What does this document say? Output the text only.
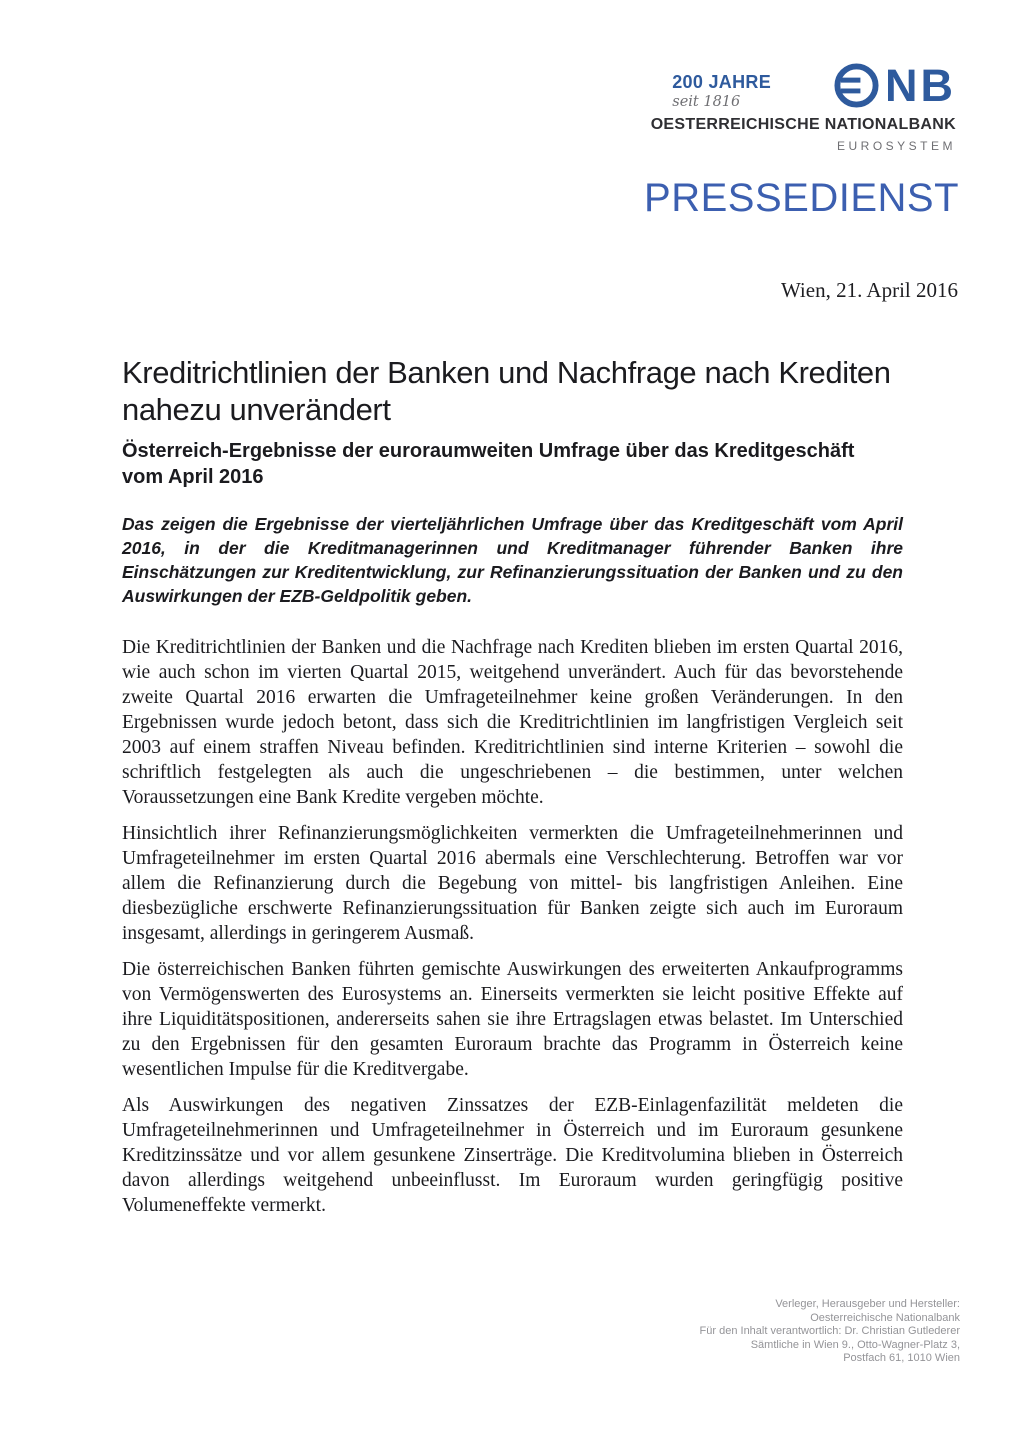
200 JAHRE
seit 1816	NB
OESTERREICHISCHE NATIONALBANK
EUROSYSTEM
PRESSEDIENST
Wien, 21. April 2016
Kreditrichtlinien der Banken und Nachfrage nach Krediten nahezu unverändert
Österreich-Ergebnisse der euroraumweiten Umfrage über das Kreditgeschäft vom April 2016

Das zeigen die Ergebnisse der vierteljährlichen Umfrage über das Kreditgeschäft vom April 2016, in der die Kreditmanagerinnen und Kreditmanager führender Banken ihre Einschätzungen zur Kreditentwicklung, zur Refinanzierungssituation der Banken und zu den Auswirkungen der EZB-Geldpolitik geben.

Die Kreditrichtlinien der Banken und die Nachfrage nach Krediten blieben im ersten Quartal 2016, wie auch schon im vierten Quartal 2015, weitgehend unverändert. Auch für das bevorstehende zweite Quartal 2016 erwarten die Umfrageteilnehmer keine großen Veränderungen. In den Ergebnissen wurde jedoch betont, dass sich die Kreditrichtlinien im langfristigen Vergleich seit 2003 auf einem straffen Niveau befinden. Kreditrichtlinien sind interne Kriterien – sowohl die schriftlich festgelegten als auch die ungeschriebenen – die bestimmen, unter welchen Voraussetzungen eine Bank Kredite vergeben möchte.

Hinsichtlich ihrer Refinanzierungsmöglichkeiten vermerkten die Umfrageteilnehmerinnen und Umfrageteilnehmer im ersten Quartal 2016 abermals eine Verschlechterung. Betroffen war vor allem die Refinanzierung durch die Begebung von mittel- bis langfristigen Anleihen. Eine diesbezügliche erschwerte Refinanzierungssituation für Banken zeigte sich auch im Euroraum insgesamt, allerdings in geringerem Ausmaß.

Die österreichischen Banken führten gemischte Auswirkungen des erweiterten Ankaufprogramms von Vermögenswerten des Eurosystems an. Einerseits vermerkten sie leicht positive Effekte auf ihre Liquiditätspositionen, andererseits sahen sie ihre Ertragslagen etwas belastet. Im Unterschied zu den Ergebnissen für den gesamten Euroraum brachte das Programm in Österreich keine wesentlichen Impulse für die Kreditvergabe.

Als Auswirkungen des negativen Zinssatzes der EZB-Einlagenfazilität meldeten die Umfrageteilnehmerinnen und Umfrageteilnehmer in Österreich und im Euroraum gesunkene Kreditzinssätze und vor allem gesunkene Zinserträge. Die Kreditvolumina blieben in Österreich davon allerdings weitgehend unbeeinflusst. Im Euroraum wurden geringfügig positive Volumeneffekte vermerkt.

Verleger, Herausgeber und Hersteller:
Oesterreichische Nationalbank
Für den Inhalt verantwortlich: Dr. Christian Gutlederer
Sämtliche in Wien 9., Otto-Wagner-Platz 3,
Postfach 61, 1010 Wien
